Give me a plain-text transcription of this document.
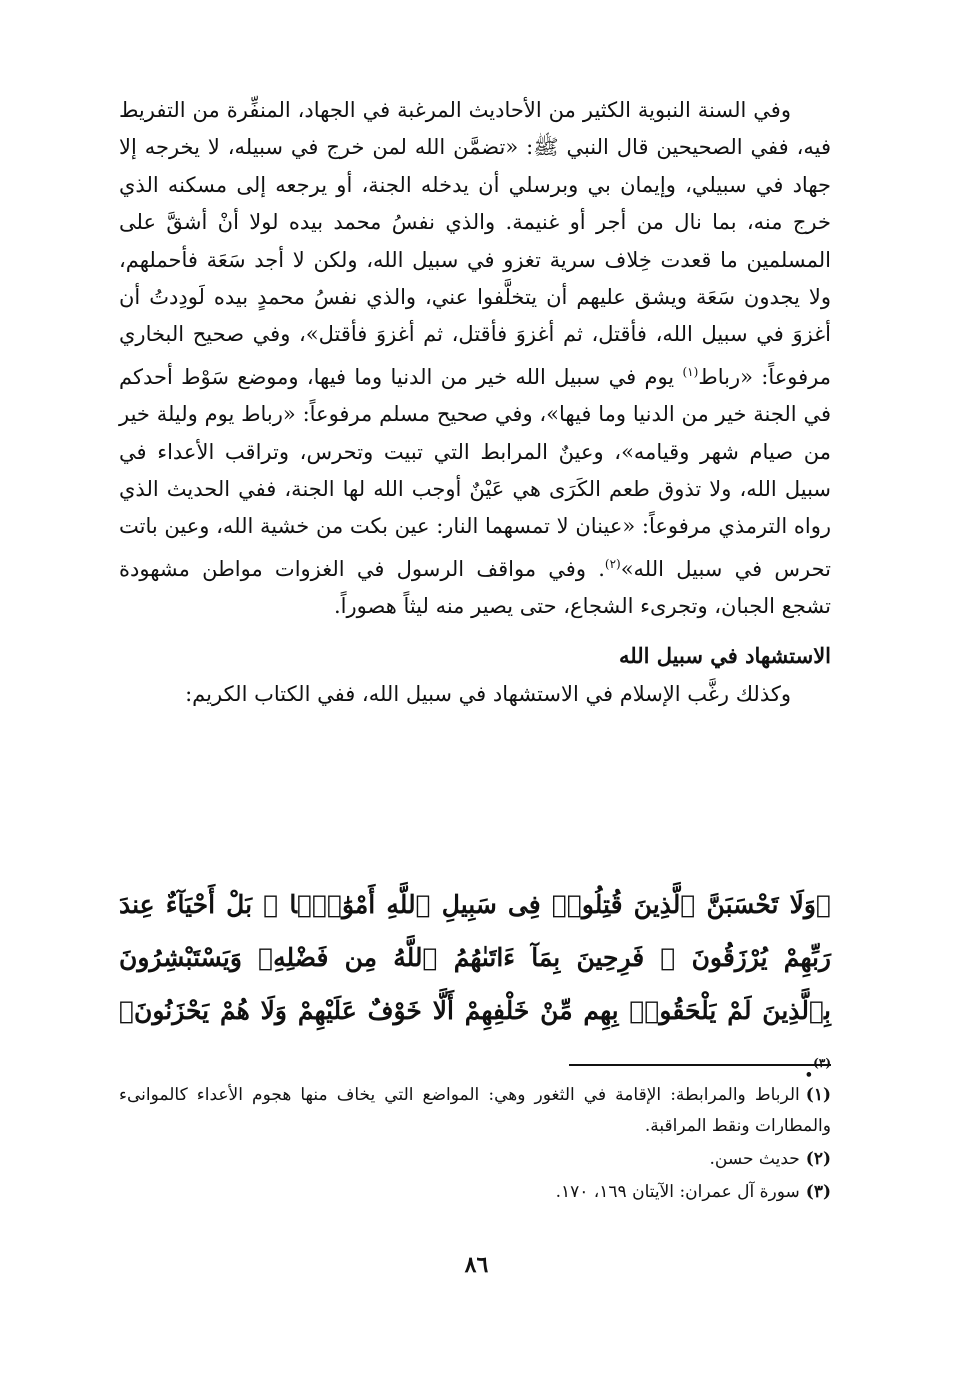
وفي السنة النبوية الكثير من الأحاديث المرغبة في الجهاد، المنفِّرة من التفريط فيه، ففي الصحيحين قال النبي ﷺ: «تضمَّن الله لمن خرج في سبيله، لا يخرجه إلا جهاد في سبيلي، وإيمان بي وبرسلي أن يدخله الجنة، أو يرجعه إلى مسكنه الذي خرج منه، بما نال من أجر أو غنيمة. والذي نفسُ محمد بيده لولا أنْ أشقَّ على المسلمين ما قعدت خِلاف سرية تغزو في سبيل الله، ولكن لا أجد سَعَة فأحملهم، ولا يجدون سَعَة ويشق عليهم أن يتخلَّفوا عني، والذي نفسُ محمدٍ بيده لَودِدتُ أن أغزوَ في سبيل الله، فأقتل، ثم أغزوَ فأقتل، ثم أغزوَ فأقتل»، وفي صحيح البخاري مرفوعاً: «رباط$^{(١)}$ يوم في سبيل الله خير من الدنيا وما فيها، وموضع سَوْط أحدكم في الجنة خير من الدنيا وما فيها»، وفي صحيح مسلم مرفوعاً: «رباط يوم وليلة خير من صيام شهر وقيامه»، وعينٌ المرابط التي تبيت وتحرس، وتراقب الأعداء في سبيل الله، ولا تذوق طعم الكَرَى هي عَيْنٌ أوجب الله لها الجنة، ففي الحديث الذي رواه الترمذي مرفوعاً: «عينان لا تمسهما النار: عين بكت من خشية الله، وعين باتت تحرس في سبيل الله»$^{(٢)}$. وفي مواقف الرسول في الغزوات مواطن مشهودة تشجع الجبان، وتجرىء الشجاع، حتى يصير منه ليثاً هصوراً.

الاستشهاد في سبيل الله

وكذلك رغَّب الإسلام في الاستشهاد في سبيل الله، ففي الكتاب الكريم:

﴿وَلَا تَحْسَبَنَّ ٱلَّذِينَ قُتِلُوا۟ فِى سَبِيلِ ٱللَّهِ أَمْوَٰتًۢا ۚ بَلْ أَحْيَآءٌ عِندَ رَبِّهِمْ يُرْزَقُونَ ۞ فَرِحِينَ بِمَآ ءَاتَىٰهُمُ ٱللَّهُ مِن فَضْلِهِۦ وَيَسْتَبْشِرُونَ بِٱلَّذِينَ لَمْ يَلْحَقُوا۟ بِهِم مِّنْ خَلْفِهِمْ أَلَّا خَوْفٌ عَلَيْهِمْ وَلَا هُمْ يَحْزَنُونَ﴾$^{(٣)}$.

(١)الرباط والمرابطة: الإقامة في الثغور وهي: المواضع التي يخاف منها هجوم الأعداء كالموانىء والمطارات ونقط المراقبة.

(٢)حديث حسن.

(٣)سورة آل عمران: الآيتان ١٦٩، ١٧٠.

٨٦
